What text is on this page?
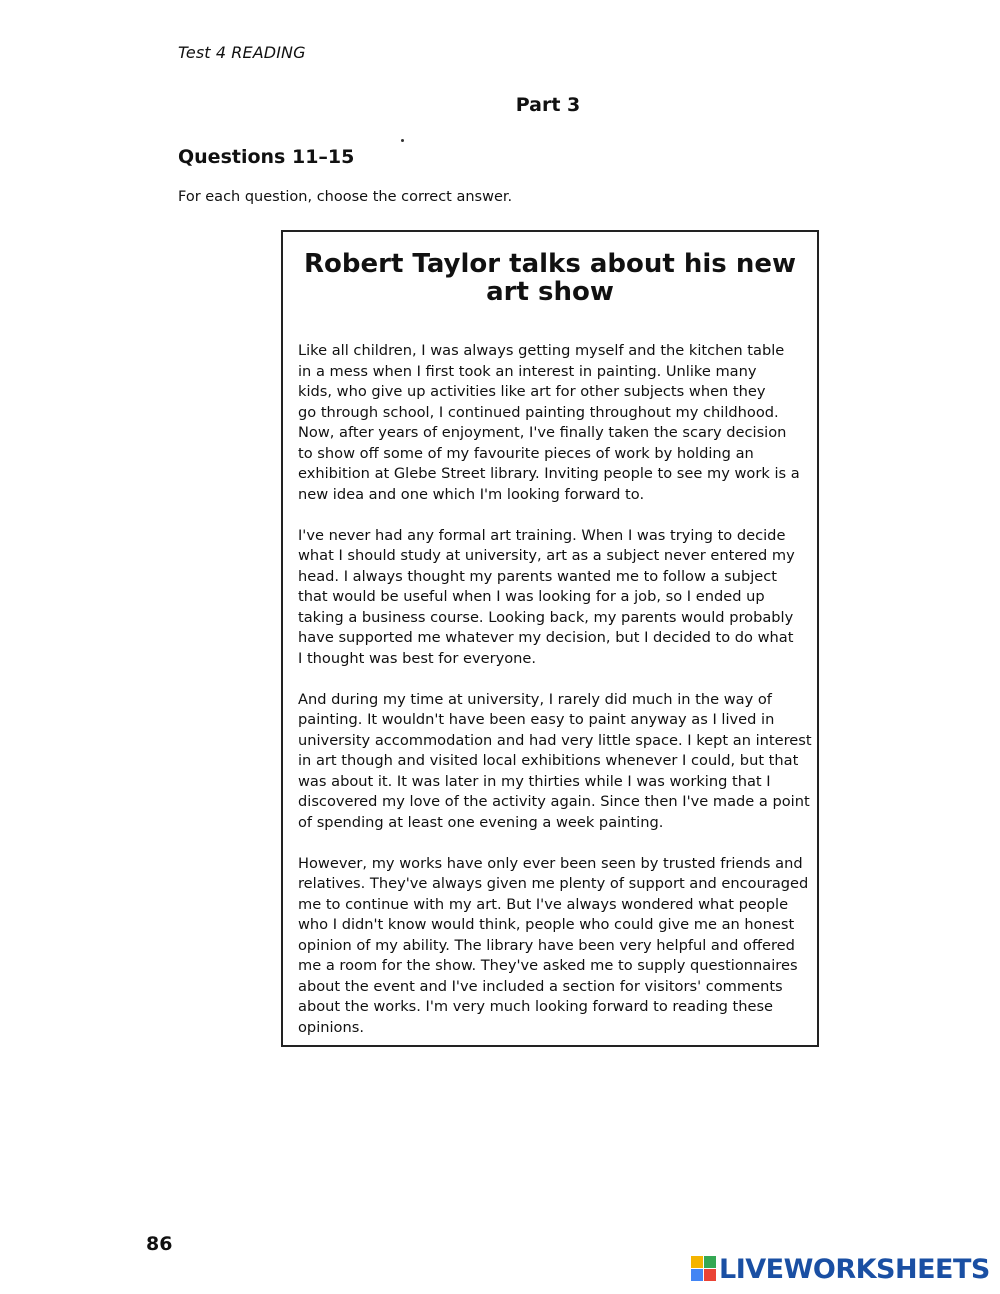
Test 4 READING
Part 3
Questions 11–15
For each question, choose the correct answer.
Robert Taylor talks about his new
art show

Like all children, I was always getting myself and the kitchen table
in a mess when I first took an interest in painting. Unlike many
kids, who give up activities like art for other subjects when they
go through school, I continued painting throughout my childhood.
Now, after years of enjoyment, I've finally taken the scary decision
to show off some of my favourite pieces of work by holding an
exhibition at Glebe Street library. Inviting people to see my work is a
new idea and one which I'm looking forward to.

I've never had any formal art training. When I was trying to decide
what I should study at university, art as a subject never entered my
head. I always thought my parents wanted me to follow a subject
that would be useful when I was looking for a job, so I ended up
taking a business course. Looking back, my parents would probably
have supported me whatever my decision, but I decided to do what
I thought was best for everyone.

And during my time at university, I rarely did much in the way of
painting. It wouldn't have been easy to paint anyway as I lived in
university accommodation and had very little space. I kept an interest
in art though and visited local exhibitions whenever I could, but that
was about it. It was later in my thirties while I was working that I
discovered my love of the activity again. Since then I've made a point
of spending at least one evening a week painting.

However, my works have only ever been seen by trusted friends and
relatives. They've always given me plenty of support and encouraged
me to continue with my art. But I've always wondered what people
who I didn't know would think, people who could give me an honest
opinion of my ability. The library have been very helpful and offered
me a room for the show. They've asked me to supply questionnaires
about the event and I've included a section for visitors' comments
about the works. I'm very much looking forward to reading these
opinions.

86
LIVEWORKSHEETS
